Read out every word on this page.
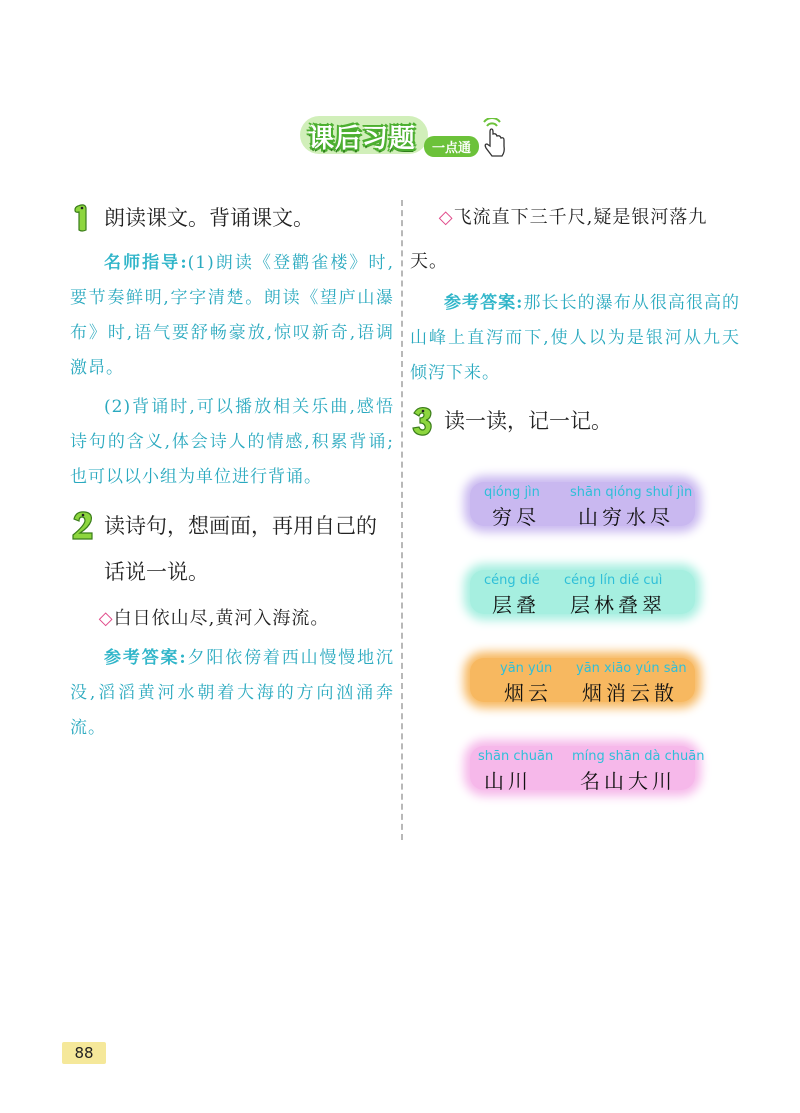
课后习题	一点通
朗读课文。背诵课文。
名师指导:(1)朗读《登鹳雀楼》时,要节奏鲜明,字字清楚。朗读《望庐山瀑布》时,语气要舒畅豪放,惊叹新奇,语调激昂。
(2)背诵时,可以播放相关乐曲,感悟诗句的含义,体会诗人的情感,积累背诵;也可以以小组为单位进行背诵。
读诗句，想画面，再用自己的话说一说。
◇白日依山尽,黄河入海流。
参考答案:夕阳依傍着西山慢慢地沉没,滔滔黄河水朝着大海的方向汹涌奔流。
◇飞流直下三千尺,疑是银河落九天。
参考答案:那长长的瀑布从很高很高的山峰上直泻而下,使人以为是银河从九天倾泻下来。
读一读，记一记。
qióng jìn
穷尽
shān qióng shuǐ jìn
山穷水尽
céng dié
层叠
céng lín dié cuì
层林叠翠
yān yún
烟云
yān xiāo yún sàn
烟消云散
shān chuān
山川
míng shān dà chuān
名山大川
88
